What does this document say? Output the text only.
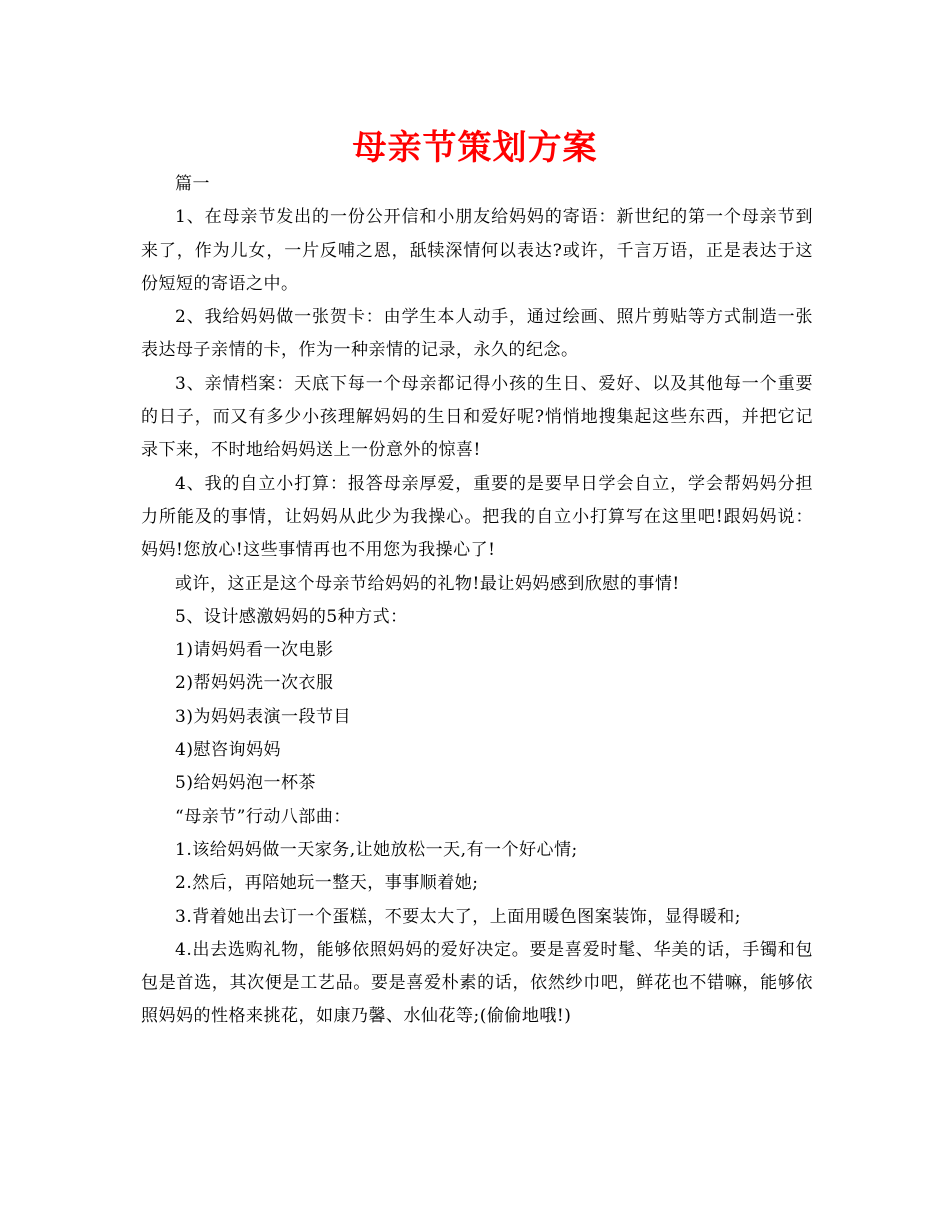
母亲节策划方案

篇一

1、在母亲节发出的一份公开信和小朋友给妈妈的寄语：新世纪的第一个母亲节到来了，作为儿女，一片反哺之恩，舐犊深情何以表达?或许，千言万语，正是表达于这份短短的寄语之中。

2、我给妈妈做一张贺卡：由学生本人动手，通过绘画、照片剪贴等方式制造一张表达母子亲情的卡，作为一种亲情的记录，永久的纪念。

3、亲情档案：天底下每一个母亲都记得小孩的生日、爱好、以及其他每一个重要的日子，而又有多少小孩理解妈妈的生日和爱好呢?悄悄地搜集起这些东西，并把它记录下来，不时地给妈妈送上一份意外的惊喜!

4、我的自立小打算：报答母亲厚爱，重要的是要早日学会自立，学会帮妈妈分担力所能及的事情，让妈妈从此少为我操心。把我的自立小打算写在这里吧!跟妈妈说：妈妈!您放心!这些事情再也不用您为我操心了!

或许，这正是这个母亲节给妈妈的礼物!最让妈妈感到欣慰的事情!

5、设计感激妈妈的5种方式：

1)请妈妈看一次电影

2)帮妈妈洗一次衣服

3)为妈妈表演一段节目

4)慰咨询妈妈

5)给妈妈泡一杯茶

“母亲节”行动八部曲：

1.该给妈妈做一天家务,让她放松一天,有一个好心情;

2.然后，再陪她玩一整天，事事顺着她;

3.背着她出去订一个蛋糕，不要太大了，上面用暖色图案装饰，显得暖和;

4.出去选购礼物，能够依照妈妈的爱好决定。要是喜爱时髦、华美的话，手镯和包包是首选，其次便是工艺品。要是喜爱朴素的话，依然纱巾吧，鲜花也不错嘛，能够依照妈妈的性格来挑花，如康乃馨、水仙花等;(偷偷地哦!)
